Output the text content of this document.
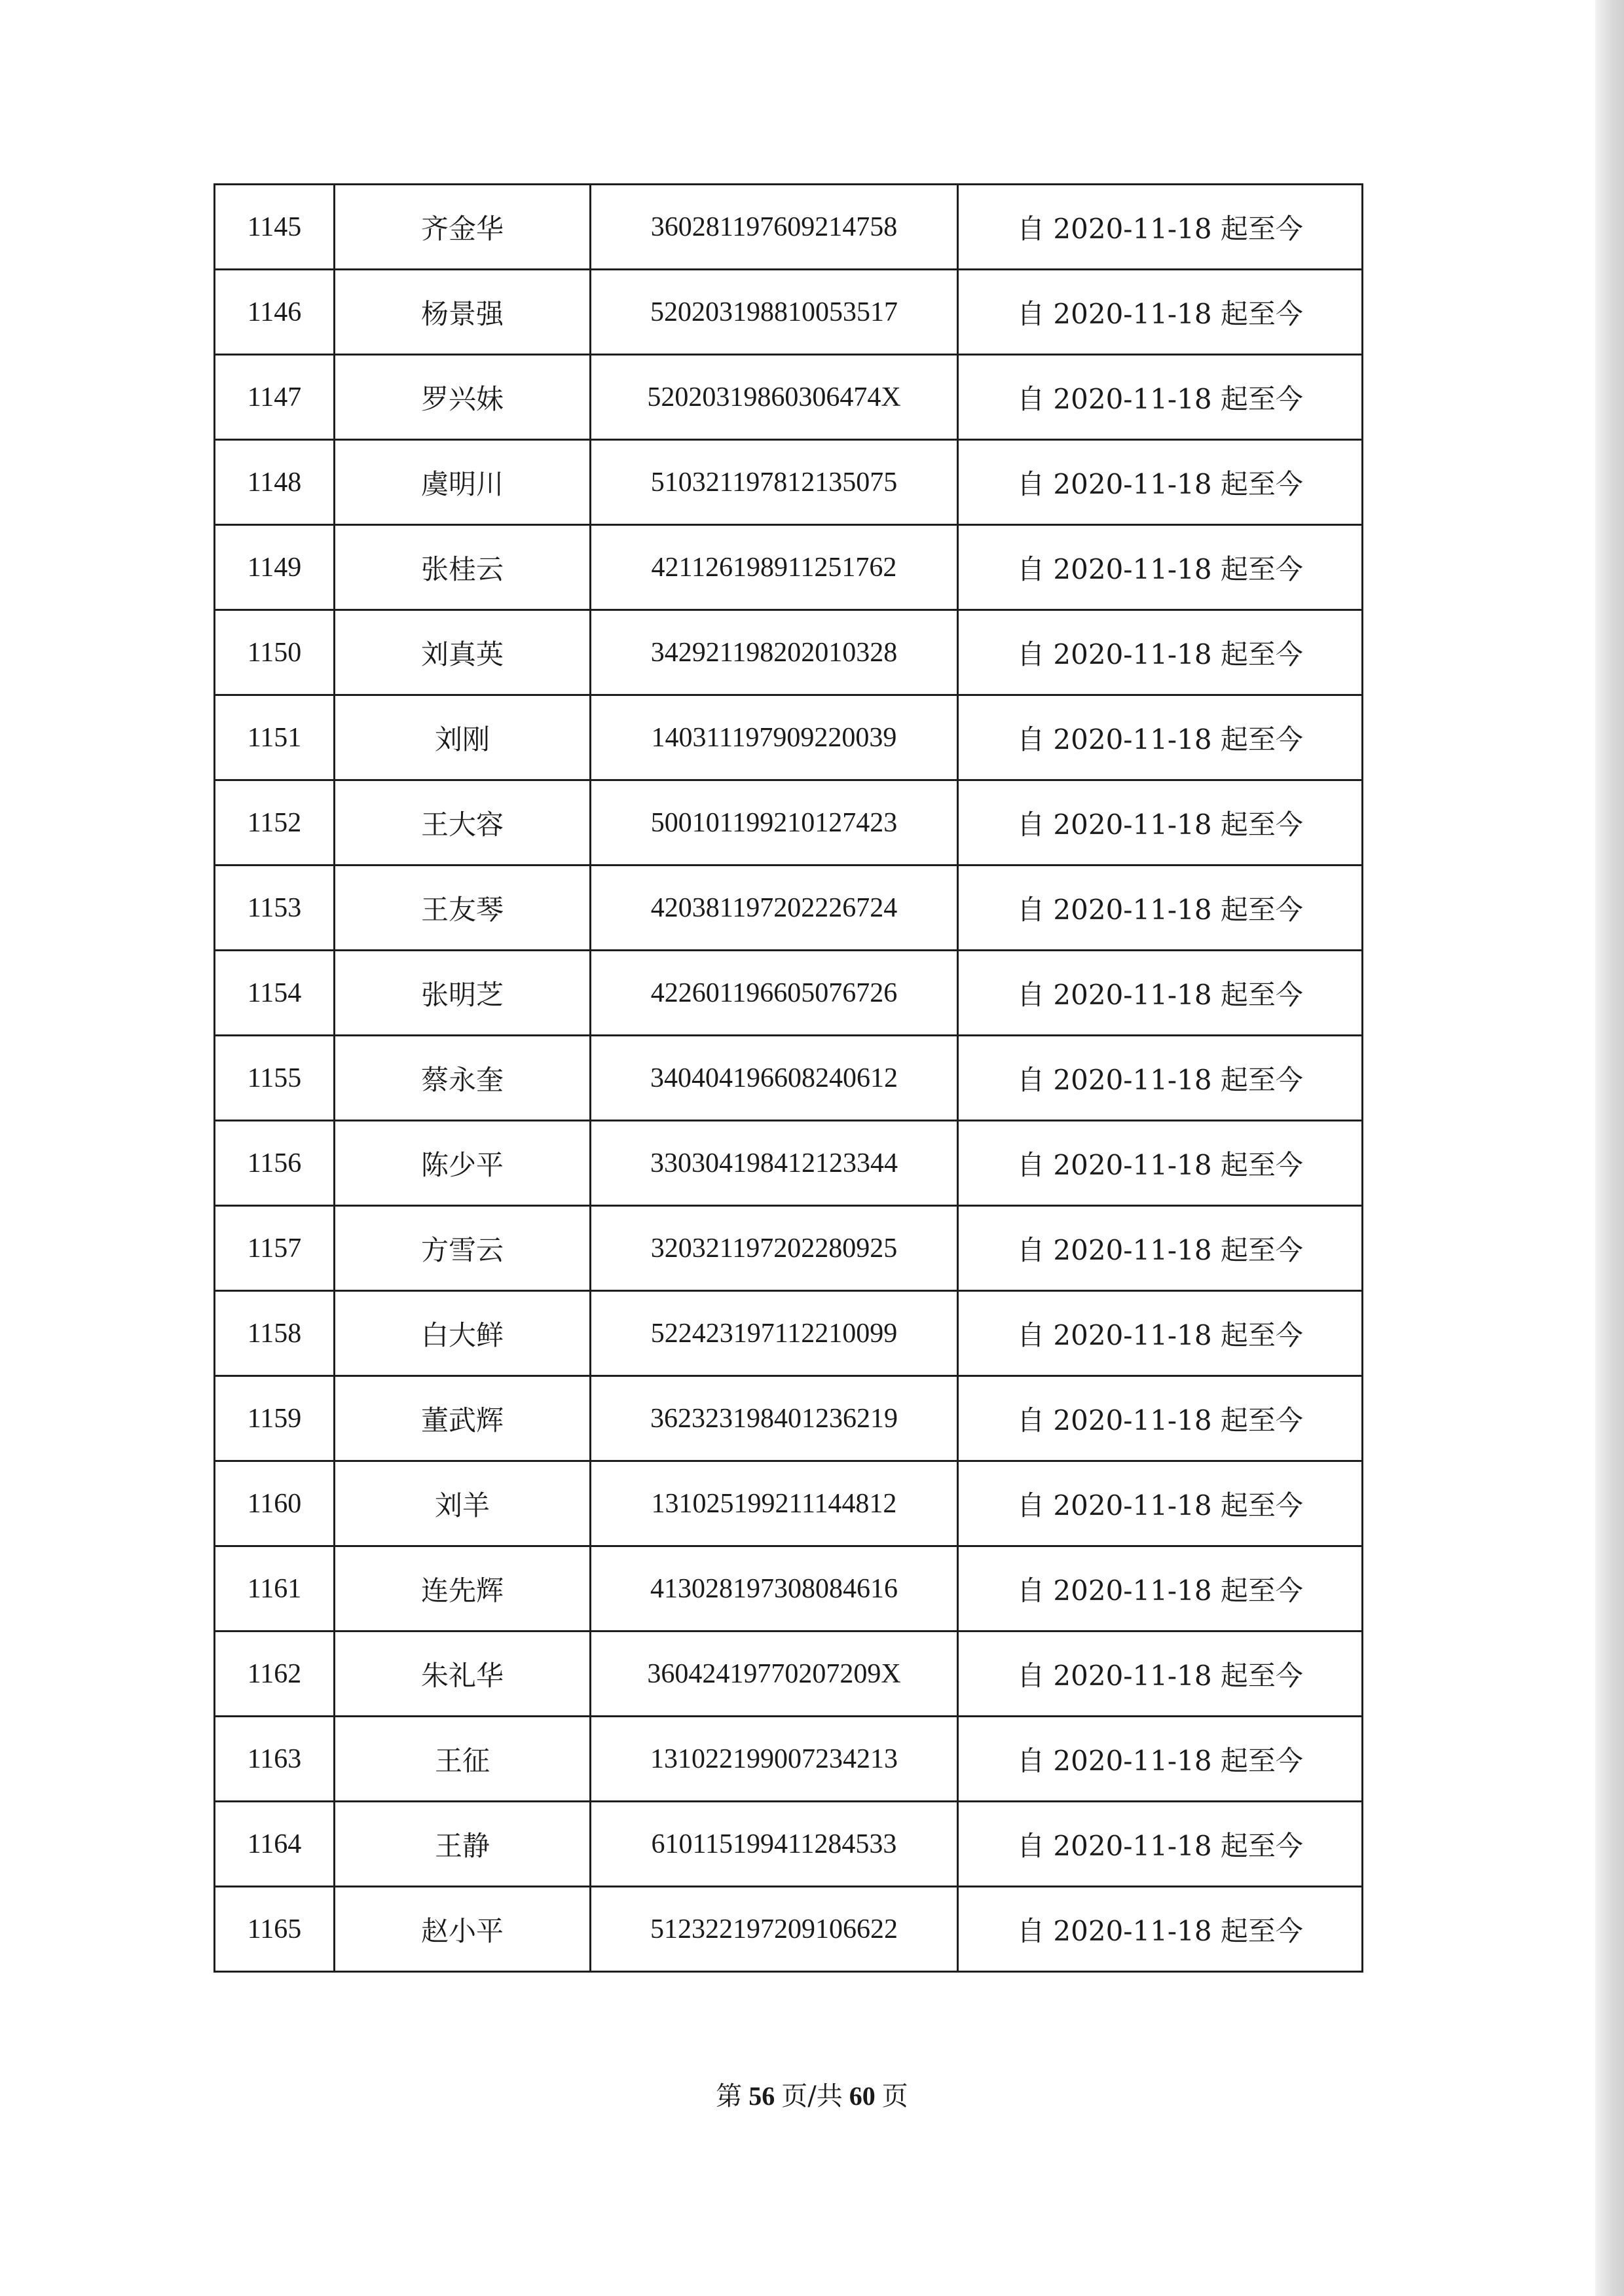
1145	齐金华	360281197609214758	自 2020-11-18 起至今
1146	杨景强	520203198810053517	自 2020-11-18 起至今
1147	罗兴妹	52020319860306474X	自 2020-11-18 起至今
1148	虞明川	510321197812135075	自 2020-11-18 起至今
1149	张桂云	421126198911251762	自 2020-11-18 起至今
1150	刘真英	342921198202010328	自 2020-11-18 起至今
1151	刘刚	140311197909220039	自 2020-11-18 起至今
1152	王大容	500101199210127423	自 2020-11-18 起至今
1153	王友琴	420381197202226724	自 2020-11-18 起至今
1154	张明芝	422601196605076726	自 2020-11-18 起至今
1155	蔡永奎	340404196608240612	自 2020-11-18 起至今
1156	陈少平	330304198412123344	自 2020-11-18 起至今
1157	方雪云	320321197202280925	自 2020-11-18 起至今
1158	白大鲜	522423197112210099	自 2020-11-18 起至今
1159	董武辉	362323198401236219	自 2020-11-18 起至今
1160	刘羊	131025199211144812	自 2020-11-18 起至今
1161	连先辉	413028197308084616	自 2020-11-18 起至今
1162	朱礼华	36042419770207209X	自 2020-11-18 起至今
1163	王征	131022199007234213	自 2020-11-18 起至今
1164	王静	610115199411284533	自 2020-11-18 起至今
1165	赵小平	512322197209106622	自 2020-11-18 起至今
第 56 页/共 60 页
